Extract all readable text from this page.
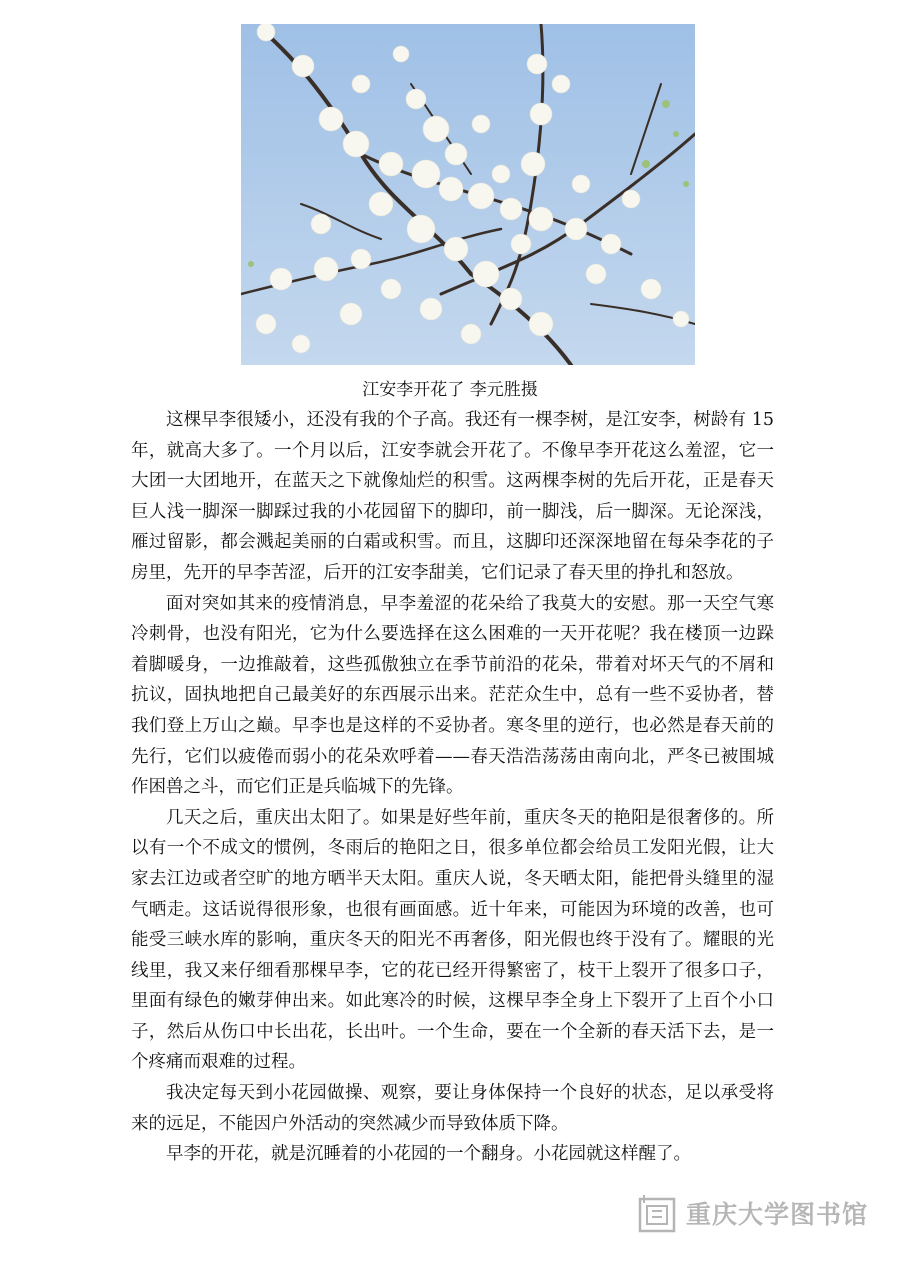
江安李开花了 李元胜摄

这棵早李很矮小，还没有我的个子高。我还有一棵李树，是江安李，树龄有 15 年，就高大多了。一个月以后，江安李就会开花了。不像早李开花这么羞涩，它一大团一大团地开，在蓝天之下就像灿烂的积雪。这两棵李树的先后开花，正是春天巨人浅一脚深一脚踩过我的小花园留下的脚印，前一脚浅，后一脚深。无论深浅，雁过留影，都会溅起美丽的白霜或积雪。而且，这脚印还深深地留在每朵李花的子房里，先开的早李苦涩，后开的江安李甜美，它们记录了春天里的挣扎和怒放。

面对突如其来的疫情消息，早李羞涩的花朵给了我莫大的安慰。那一天空气寒冷刺骨，也没有阳光，它为什么要选择在这么困难的一天开花呢？我在楼顶一边跺着脚暖身，一边推敲着，这些孤傲独立在季节前沿的花朵，带着对坏天气的不屑和抗议，固执地把自己最美好的东西展示出来。茫茫众生中，总有一些不妥协者，替我们登上万山之巅。早李也是这样的不妥协者。寒冬里的逆行，也必然是春天前的先行，它们以疲倦而弱小的花朵欢呼着——春天浩浩荡荡由南向北，严冬已被围城作困兽之斗，而它们正是兵临城下的先锋。

几天之后，重庆出太阳了。如果是好些年前，重庆冬天的艳阳是很奢侈的。所以有一个不成文的惯例，冬雨后的艳阳之日，很多单位都会给员工发阳光假，让大家去江边或者空旷的地方晒半天太阳。重庆人说，冬天晒太阳，能把骨头缝里的湿气晒走。这话说得很形象，也很有画面感。近十年来，可能因为环境的改善，也可能受三峡水库的影响，重庆冬天的阳光不再奢侈，阳光假也终于没有了。耀眼的光线里，我又来仔细看那棵早李，它的花已经开得繁密了，枝干上裂开了很多口子，里面有绿色的嫩芽伸出来。如此寒冷的时候，这棵早李全身上下裂开了上百个小口子，然后从伤口中长出花，长出叶。一个生命，要在一个全新的春天活下去，是一个疼痛而艰难的过程。

我决定每天到小花园做操、观察，要让身体保持一个良好的状态，足以承受将来的远足，不能因户外活动的突然减少而导致体质下降。

早李的开花，就是沉睡着的小花园的一个翻身。小花园就这样醒了。

重庆大学图书馆
